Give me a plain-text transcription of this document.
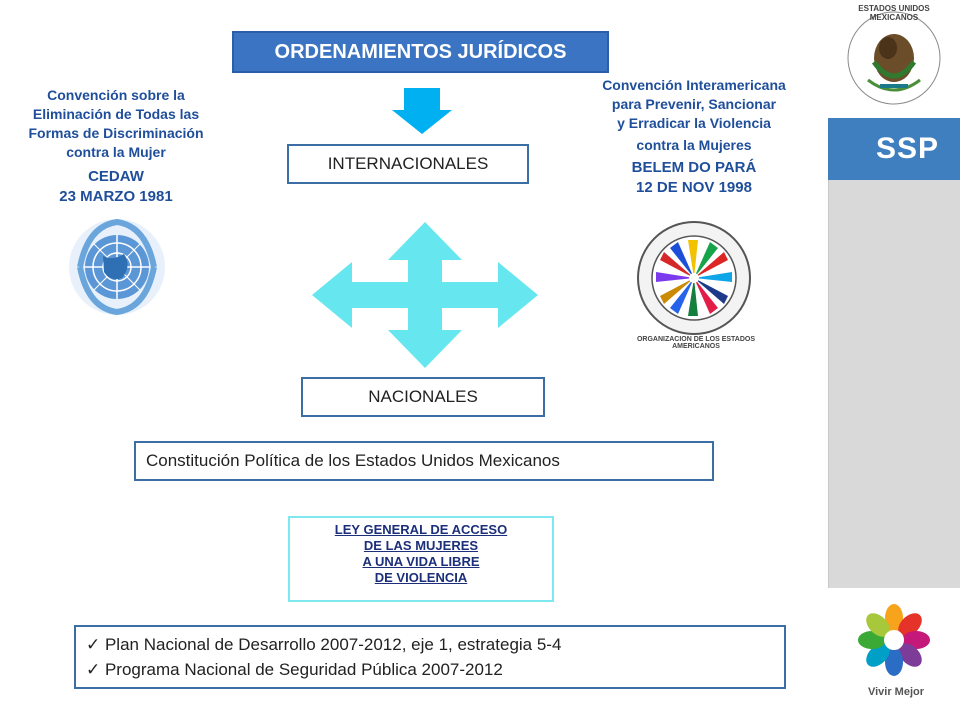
ESTADOS UNIDOS MEXICANOS
SSP
Vivir Mejor
ORDENAMIENTOS JURÍDICOS
INTERNACIONALES
NACIONALES
Constitución Política de los Estados Unidos Mexicanos
LEY GENERAL DE ACCESO
DE LAS MUJERES
A UNA VIDA LIBRE
DE VIOLENCIA
✓ Plan Nacional de Desarrollo 2007-2012, eje 1, estrategia 5-4
✓ Programa Nacional de Seguridad Pública 2007-2012
Convención sobre la
Eliminación de Todas las
Formas de Discriminación
contra la Mujer
CEDAW
23 MARZO 1981
Convención Interamericana
para Prevenir, Sancionar
y Erradicar la Violencia
contra la Mujeres
BELEM DO PARÁ
12 DE NOV 1998
ORGANIZACION DE LOS ESTADOS AMERICANOS
